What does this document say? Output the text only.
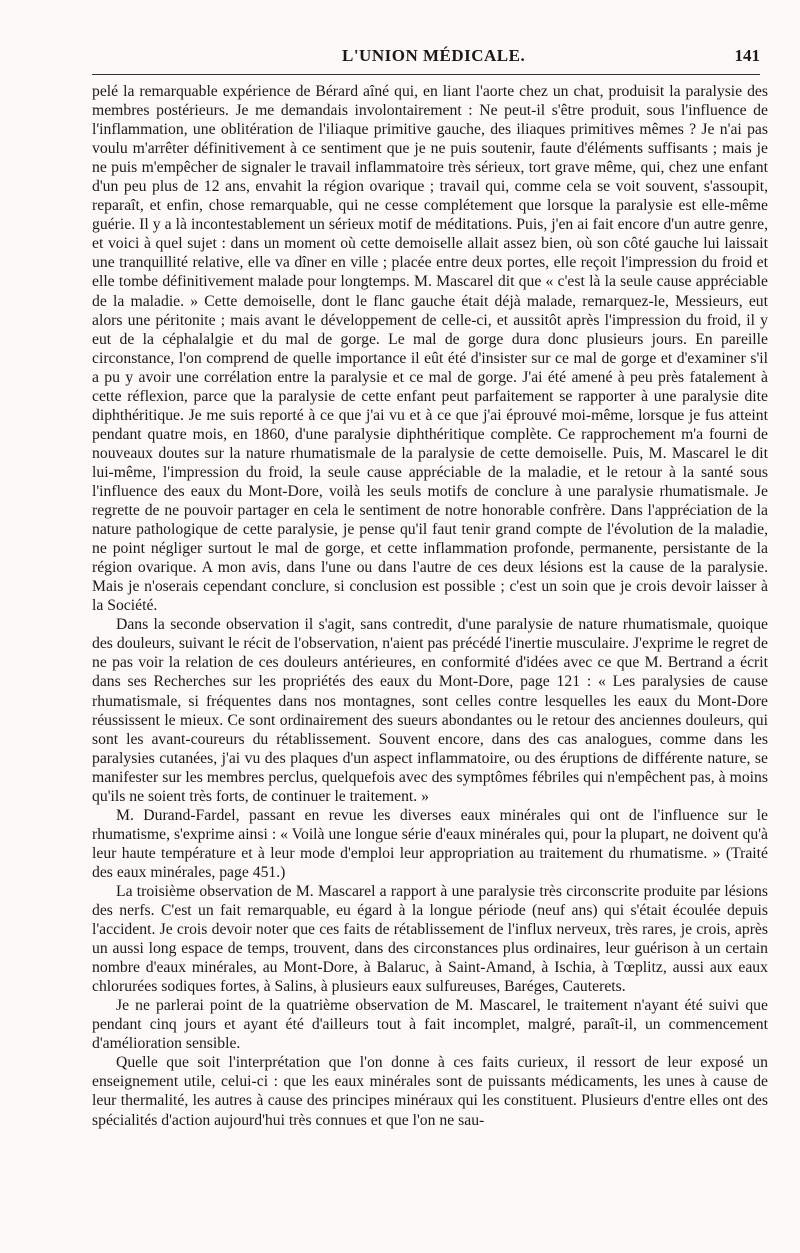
L'UNION MÉDICALE.	141

pelé la remarquable expérience de Bérard aîné qui, en liant l'aorte chez un chat, produisit la paralysie des membres postérieurs. Je me demandais involontairement : Ne peut-il s'être produit, sous l'influence de l'inflammation, une oblitération de l'iliaque primitive gauche, des iliaques primitives mêmes ? Je n'ai pas voulu m'arrêter définitivement à ce sentiment que je ne puis soutenir, faute d'éléments suffisants ; mais je ne puis m'empêcher de signaler le travail inflammatoire très sérieux, tort grave même, qui, chez une enfant d'un peu plus de 12 ans, envahit la région ovarique ; travail qui, comme cela se voit souvent, s'assoupit, reparaît, et enfin, chose remarquable, qui ne cesse complétement que lorsque la paralysie est elle-même guérie. Il y a là incontestablement un sérieux motif de méditations. Puis, j'en ai fait encore d'un autre genre, et voici à quel sujet : dans un moment où cette demoiselle allait assez bien, où son côté gauche lui laissait une tranquillité relative, elle va dîner en ville ; placée entre deux portes, elle reçoit l'impression du froid et elle tombe définitivement malade pour longtemps. M. Mascarel dit que « c'est là la seule cause appréciable de la maladie. » Cette demoiselle, dont le flanc gauche était déjà malade, remarquez-le, Messieurs, eut alors une péritonite ; mais avant le développement de celle-ci, et aussitôt après l'impression du froid, il y eut de la céphalalgie et du mal de gorge. Le mal de gorge dura donc plusieurs jours. En pareille circonstance, l'on comprend de quelle importance il eût été d'insister sur ce mal de gorge et d'examiner s'il a pu y avoir une corrélation entre la paralysie et ce mal de gorge. J'ai été amené à peu près fatalement à cette réflexion, parce que la paralysie de cette enfant peut parfaitement se rapporter à une paralysie dite diphthéritique. Je me suis reporté à ce que j'ai vu et à ce que j'ai éprouvé moi-même, lorsque je fus atteint pendant quatre mois, en 1860, d'une paralysie diphthéritique complète. Ce rapprochement m'a fourni de nouveaux doutes sur la nature rhumatismale de la paralysie de cette demoiselle. Puis, M. Mascarel le dit lui-même, l'impression du froid, la seule cause appréciable de la maladie, et le retour à la santé sous l'influence des eaux du Mont-Dore, voilà les seuls motifs de conclure à une paralysie rhumatismale. Je regrette de ne pouvoir partager en cela le sentiment de notre honorable confrère. Dans l'appréciation de la nature pathologique de cette paralysie, je pense qu'il faut tenir grand compte de l'évolution de la maladie, ne point négliger surtout le mal de gorge, et cette inflammation profonde, permanente, persistante de la région ovarique. A mon avis, dans l'une ou dans l'autre de ces deux lésions est la cause de la paralysie. Mais je n'oserais cependant conclure, si conclusion est possible ; c'est un soin que je crois devoir laisser à la Société.

Dans la seconde observation il s'agit, sans contredit, d'une paralysie de nature rhumatismale, quoique des douleurs, suivant le récit de l'observation, n'aient pas précédé l'inertie musculaire. J'exprime le regret de ne pas voir la relation de ces douleurs antérieures, en conformité d'idées avec ce que M. Bertrand a écrit dans ses Recherches sur les propriétés des eaux du Mont-Dore, page 121 : « Les paralysies de cause rhumatismale, si fréquentes dans nos montagnes, sont celles contre lesquelles les eaux du Mont-Dore réussissent le mieux. Ce sont ordinairement des sueurs abondantes ou le retour des anciennes douleurs, qui sont les avant-coureurs du rétablissement. Souvent encore, dans des cas analogues, comme dans les paralysies cutanées, j'ai vu des plaques d'un aspect inflammatoire, ou des éruptions de différente nature, se manifester sur les membres perclus, quelquefois avec des symptômes fébriles qui n'empêchent pas, à moins qu'ils ne soient très forts, de continuer le traitement. »

M. Durand-Fardel, passant en revue les diverses eaux minérales qui ont de l'influence sur le rhumatisme, s'exprime ainsi : « Voilà une longue série d'eaux minérales qui, pour la plupart, ne doivent qu'à leur haute température et à leur mode d'emploi leur appropriation au traitement du rhumatisme. » (Traité des eaux minérales, page 451.)

La troisième observation de M. Mascarel a rapport à une paralysie très circonscrite produite par lésions des nerfs. C'est un fait remarquable, eu égard à la longue période (neuf ans) qui s'était écoulée depuis l'accident. Je crois devoir noter que ces faits de rétablissement de l'influx nerveux, très rares, je crois, après un aussi long espace de temps, trouvent, dans des circonstances plus ordinaires, leur guérison à un certain nombre d'eaux minérales, au Mont-Dore, à Balaruc, à Saint-Amand, à Ischia, à Tœplitz, aussi aux eaux chlorurées sodiques fortes, à Salins, à plusieurs eaux sulfureuses, Baréges, Cauterets.

Je ne parlerai point de la quatrième observation de M. Mascarel, le traitement n'ayant été suivi que pendant cinq jours et ayant été d'ailleurs tout à fait incomplet, malgré, paraît-il, un commencement d'amélioration sensible.

Quelle que soit l'interprétation que l'on donne à ces faits curieux, il ressort de leur exposé un enseignement utile, celui-ci : que les eaux minérales sont de puissants médicaments, les unes à cause de leur thermalité, les autres à cause des principes minéraux qui les constituent. Plusieurs d'entre elles ont des spécialités d'action aujourd'hui très connues et que l'on ne sau-
